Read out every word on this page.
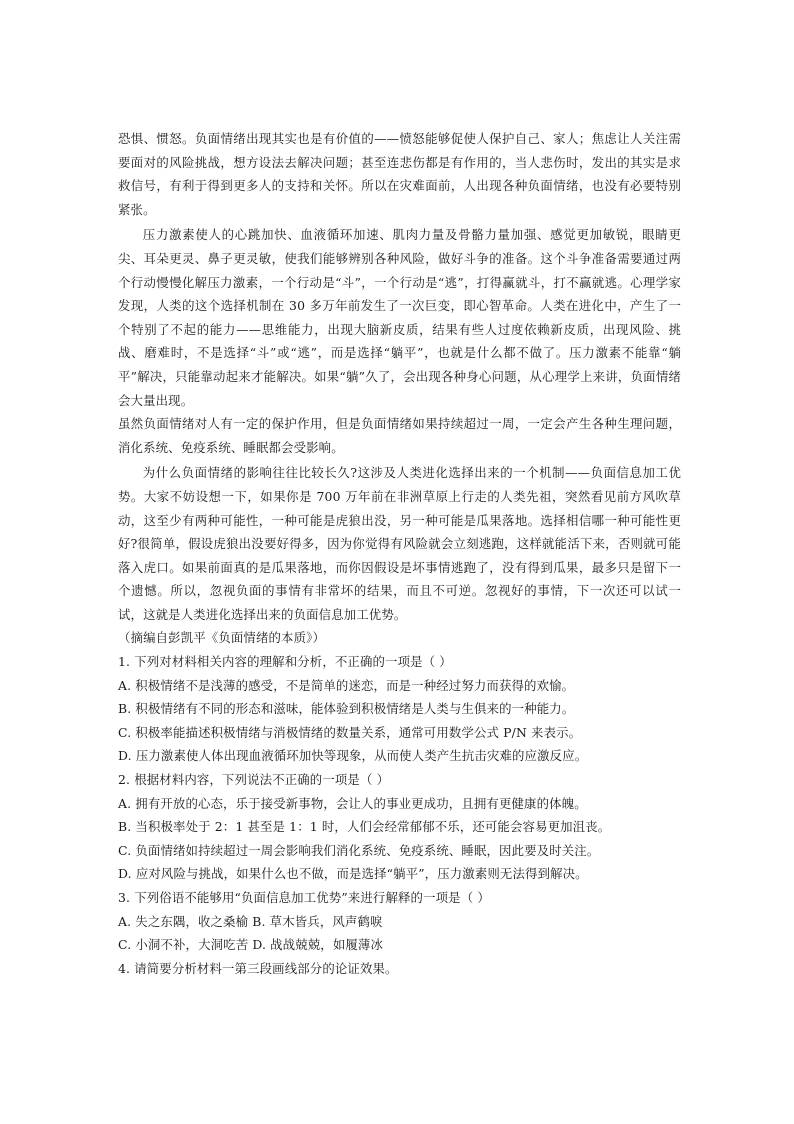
恐惧、惯怒。负面情绪出现其实也是有价值的——愤怒能够促使人保护自己、家人；焦虑让人关注需要面对的风险挑战，想方设法去解决问题；甚至连悲伤都是有作用的，当人悲伤时，发出的其实是求救信号，有利于得到更多人的支持和关怀。所以在灾难面前，人出现各种负面情绪，也没有必要特别紧张。

压力激素使人的心跳加快、血液循环加速、肌肉力量及骨骼力量加强、感觉更加敏锐，眼睛更尖、耳朵更灵、鼻子更灵敏，使我们能够辨别各种风险，做好斗争的准备。这个斗争准备需要通过两个行动慢慢化解压力激素，一个行动是“斗”，一个行动是“逃”，打得赢就斗，打不赢就逃。心理学家发现，人类的这个选择机制在 30 多万年前发生了一次巨变，即心智革命。人类在进化中，产生了一个特别了不起的能力——思维能力，出现大脑新皮质，结果有些人过度依赖新皮质，出现风险、挑战、磨难时，不是选择“斗”或“逃”，而是选择“躺平”，也就是什么都不做了。压力激素不能靠“躺平”解决，只能靠动起来才能解决。如果“躺”久了，会出现各种身心问题，从心理学上来讲，负面情绪会大量出现。

虽然负面情绪对人有一定的保护作用，但是负面情绪如果持续超过一周，一定会产生各种生理问题，消化系统、免疫系统、睡眠都会受影响。

为什么负面情绪的影响往往比较长久?这涉及人类进化选择出来的一个机制——负面信息加工优势。大家不妨设想一下，如果你是 700 万年前在非洲草原上行走的人类先祖，突然看见前方风吹草动，这至少有两种可能性，一种可能是虎狼出没，另一种可能是瓜果落地。选择相信哪一种可能性更好?很简单，假设虎狼出没要好得多，因为你觉得有风险就会立刻逃跑，这样就能活下来，否则就可能落入虎口。如果前面真的是瓜果落地，而你因假设是坏事情逃跑了，没有得到瓜果，最多只是留下一个遗憾。所以，忽视负面的事情有非常坏的结果，而且不可逆。忽视好的事情，下一次还可以试一试，这就是人类进化选择出来的负面信息加工优势。

（摘编自彭凯平《负面情绪的本质》）

1. 下列对材料相关内容的理解和分析，不正确的一项是（ ）

A. 积极情绪不是浅薄的感受，不是简单的迷恋，而是一种经过努力而获得的欢愉。

B. 积极情绪有不同的形态和滋味，能体验到积极情绪是人类与生俱来的一种能力。

C. 积极率能描述积极情绪与消极情绪的数量关系，通常可用数学公式 P/N 来表示。

D. 压力激素使人体出现血液循环加快等现象，从而使人类产生抗击灾难的应激反应。

2. 根据材料内容，下列说法不正确的一项是（ ）

A. 拥有开放的心态，乐于接受新事物，会让人的事业更成功，且拥有更健康的体魄。

B. 当积极率处于 2：1 甚至是 1：1 时，人们会经常郁郁不乐，还可能会容易更加沮丧。

C. 负面情绪如持续超过一周会影响我们消化系统、免疫系统、睡眠，因此要及时关注。

D. 应对风险与挑战，如果什么也不做，而是选择“躺平”，压力激素则无法得到解决。

3. 下列俗语不能够用“负面信息加工优势”来进行解释的一项是（ ）

A. 失之东隅，收之桑榆 B. 草木皆兵，风声鹤唳

C. 小洞不补，大洞吃苦 D. 战战兢兢，如履薄冰

4. 请简要分析材料一第三段画线部分的论证效果。
